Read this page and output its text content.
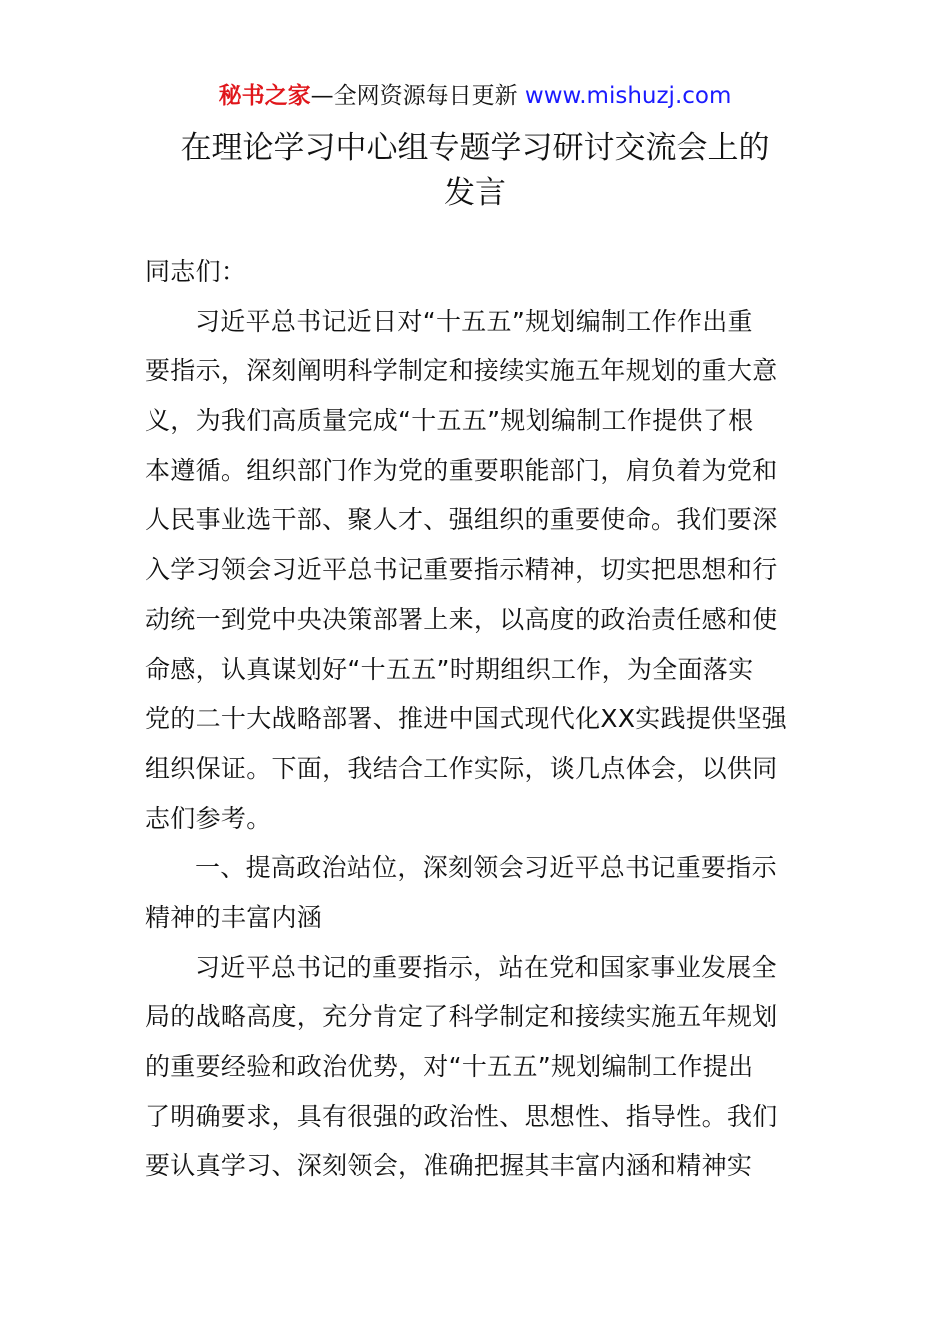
秘书之家—全网资源每日更新 www.mishuzj.com
在理论学习中心组专题学习研讨交流会上的
发言
同志们：
习近平总书记近日对“十五五”规划编制工作作出重
要指示，深刻阐明科学制定和接续实施五年规划的重大意
义，为我们高质量完成“十五五”规划编制工作提供了根
本遵循。组织部门作为党的重要职能部门，肩负着为党和
人民事业选干部、聚人才、强组织的重要使命。我们要深
入学习领会习近平总书记重要指示精神，切实把思想和行
动统一到党中央决策部署上来，以高度的政治责任感和使
命感，认真谋划好“十五五”时期组织工作，为全面落实
党的二十大战略部署、推进中国式现代化XX实践提供坚强
组织保证。下面，我结合工作实际，谈几点体会，以供同
志们参考。
一、提高政治站位，深刻领会习近平总书记重要指示
精神的丰富内涵
习近平总书记的重要指示，站在党和国家事业发展全
局的战略高度，充分肯定了科学制定和接续实施五年规划
的重要经验和政治优势，对“十五五”规划编制工作提出
了明确要求，具有很强的政治性、思想性、指导性。我们
要认真学习、深刻领会，准确把握其丰富内涵和精神实
